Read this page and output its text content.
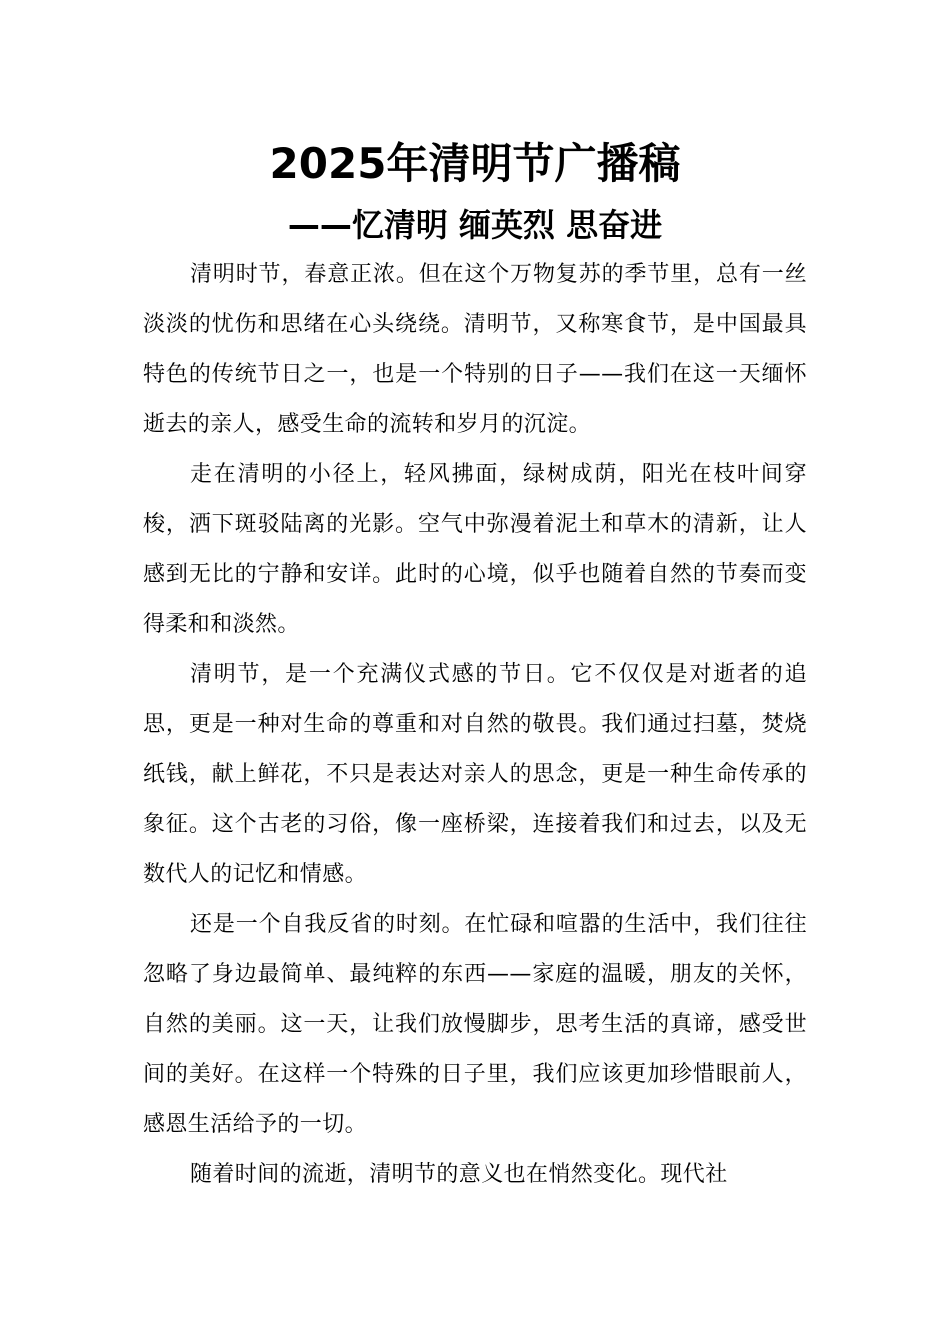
2025年清明节广播稿
——忆清明 缅英烈 思奋进

清明时节，春意正浓。但在这个万物复苏的季节里，总有一丝淡淡的忧伤和思绪在心头绕绕。清明节，又称寒食节，是中国最具特色的传统节日之一，也是一个特别的日子——我们在这一天缅怀逝去的亲人，感受生命的流转和岁月的沉淀。

走在清明的小径上，轻风拂面，绿树成荫，阳光在枝叶间穿梭，洒下斑驳陆离的光影。空气中弥漫着泥土和草木的清新，让人感到无比的宁静和安详。此时的心境，似乎也随着自然的节奏而变得柔和和淡然。

清明节，是一个充满仪式感的节日。它不仅仅是对逝者的追思，更是一种对生命的尊重和对自然的敬畏。我们通过扫墓，焚烧纸钱，献上鲜花，不只是表达对亲人的思念，更是一种生命传承的象征。这个古老的习俗，像一座桥梁，连接着我们和过去，以及无数代人的记忆和情感。

还是一个自我反省的时刻。在忙碌和喧嚣的生活中，我们往往忽略了身边最简单、最纯粹的东西——家庭的温暖，朋友的关怀，自然的美丽。这一天，让我们放慢脚步，思考生活的真谛，感受世间的美好。在这样一个特殊的日子里，我们应该更加珍惜眼前人，感恩生活给予的一切。

随着时间的流逝，清明节的意义也在悄然变化。现代社
